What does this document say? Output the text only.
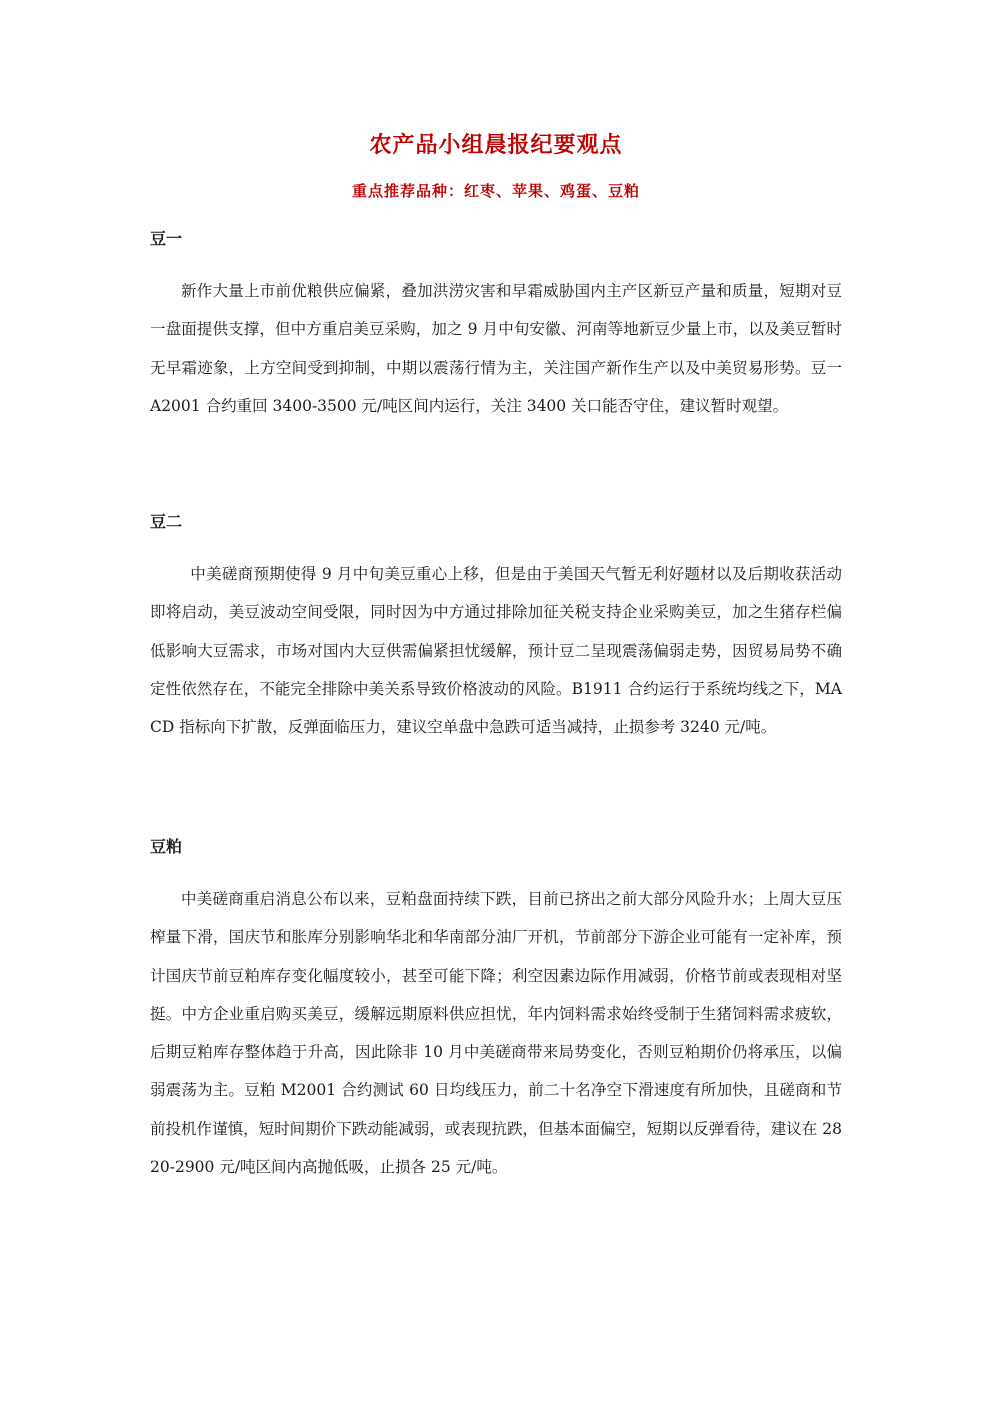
农产品小组晨报纪要观点
重点推荐品种：红枣、苹果、鸡蛋、豆粕
豆一

新作大量上市前优粮供应偏紧，叠加洪涝灾害和早霜威胁国内主产区新豆产量和质量，短期对豆一盘面提供支撑，但中方重启美豆采购，加之 9 月中旬安徽、河南等地新豆少量上市，以及美豆暂时无早霜迹象，上方空间受到抑制，中期以震荡行情为主，关注国产新作生产以及中美贸易形势。豆一 A2001 合约重回 3400-3500 元/吨区间内运行，关注 3400 关口能否守住，建议暂时观望。

豆二

中美磋商预期使得 9 月中旬美豆重心上移，但是由于美国天气暂无利好题材以及后期收获活动即将启动，美豆波动空间受限，同时因为中方通过排除加征关税支持企业采购美豆，加之生猪存栏偏低影响大豆需求，市场对国内大豆供需偏紧担忧缓解，预计豆二呈现震荡偏弱走势，因贸易局势不确定性依然存在，不能完全排除中美关系导致价格波动的风险。B1911 合约运行于系统均线之下，MACD 指标向下扩散，反弹面临压力，建议空单盘中急跌可适当减持，止损参考 3240 元/吨。

豆粕

中美磋商重启消息公布以来，豆粕盘面持续下跌，目前已挤出之前大部分风险升水；上周大豆压榨量下滑，国庆节和胀库分别影响华北和华南部分油厂开机，节前部分下游企业可能有一定补库，预计国庆节前豆粕库存变化幅度较小，甚至可能下降；利空因素边际作用减弱，价格节前或表现相对坚挺。中方企业重启购买美豆，缓解远期原料供应担忧，年内饲料需求始终受制于生猪饲料需求疲软，后期豆粕库存整体趋于升高，因此除非 10 月中美磋商带来局势变化，否则豆粕期价仍将承压，以偏弱震荡为主。豆粕 M2001 合约测试 60 日均线压力，前二十名净空下滑速度有所加快，且磋商和节前投机作谨慎，短时间期价下跌动能减弱，或表现抗跌，但基本面偏空，短期以反弹看待，建议在 2820-2900 元/吨区间内高抛低吸，止损各 25 元/吨。
